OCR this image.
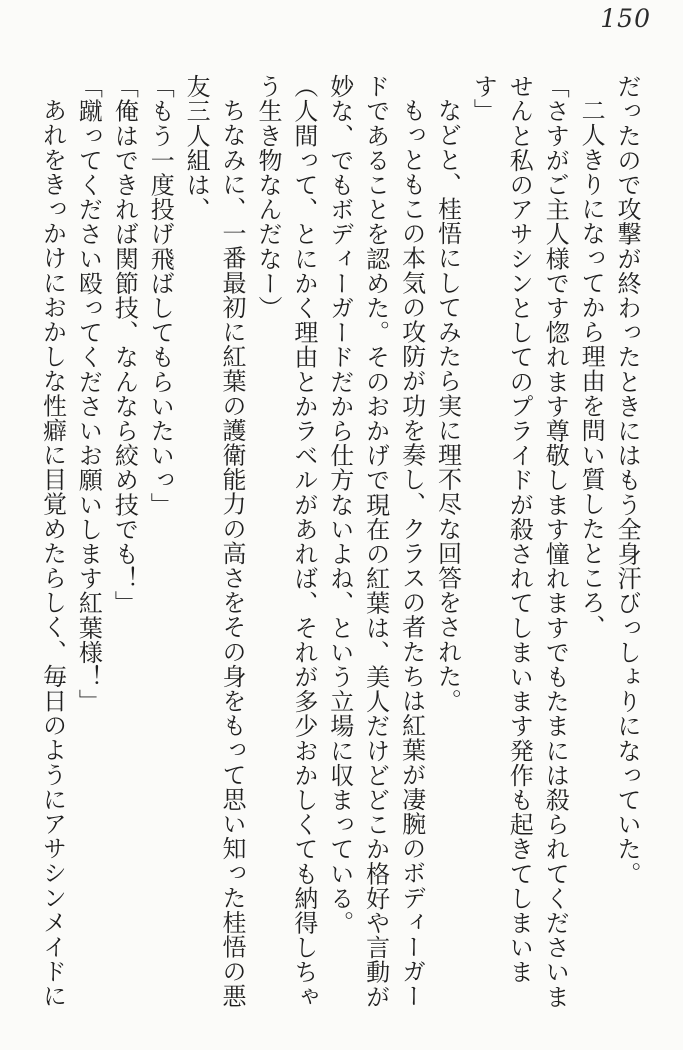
150
だったので攻撃が終わったときにはもう全身汗びっしょりになっていた。
二人きりになってから理由を問い質したところ、
「さすがご主人様です惚れます尊敬します憧れますでもたまには殺られてくださいま
せんと私のアサシンとしてのプライドが殺されてしまいます発作も起きてしまいま
す」
などと、桂悟にしてみたら実に理不尽な回答をされた。
もっともこの本気の攻防が功を奏し、クラスの者たちは紅葉が凄腕のボディーガー
ドであることを認めた。そのおかげで現在の紅葉は、美人だけどどこか格好や言動が
妙な、でもボディーガードだから仕方ないよね、という立場に収まっている。
（人間って、とにかく理由とかラベルがあれば、それが多少おかしくても納得しちゃ
う生き物なんだなー）
ちなみに、一番最初に紅葉の護衛能力の高さをその身をもって思い知った桂悟の悪
友三人組は、
「もう一度投げ飛ばしてもらいたいっ」
「俺はできれば関節技、なんなら絞め技でも！」
「蹴ってください殴ってくださいお願いします紅葉様！」
あれをきっかけにおかしな性癖に目覚めたらしく、毎日のようにアサシンメイドに
